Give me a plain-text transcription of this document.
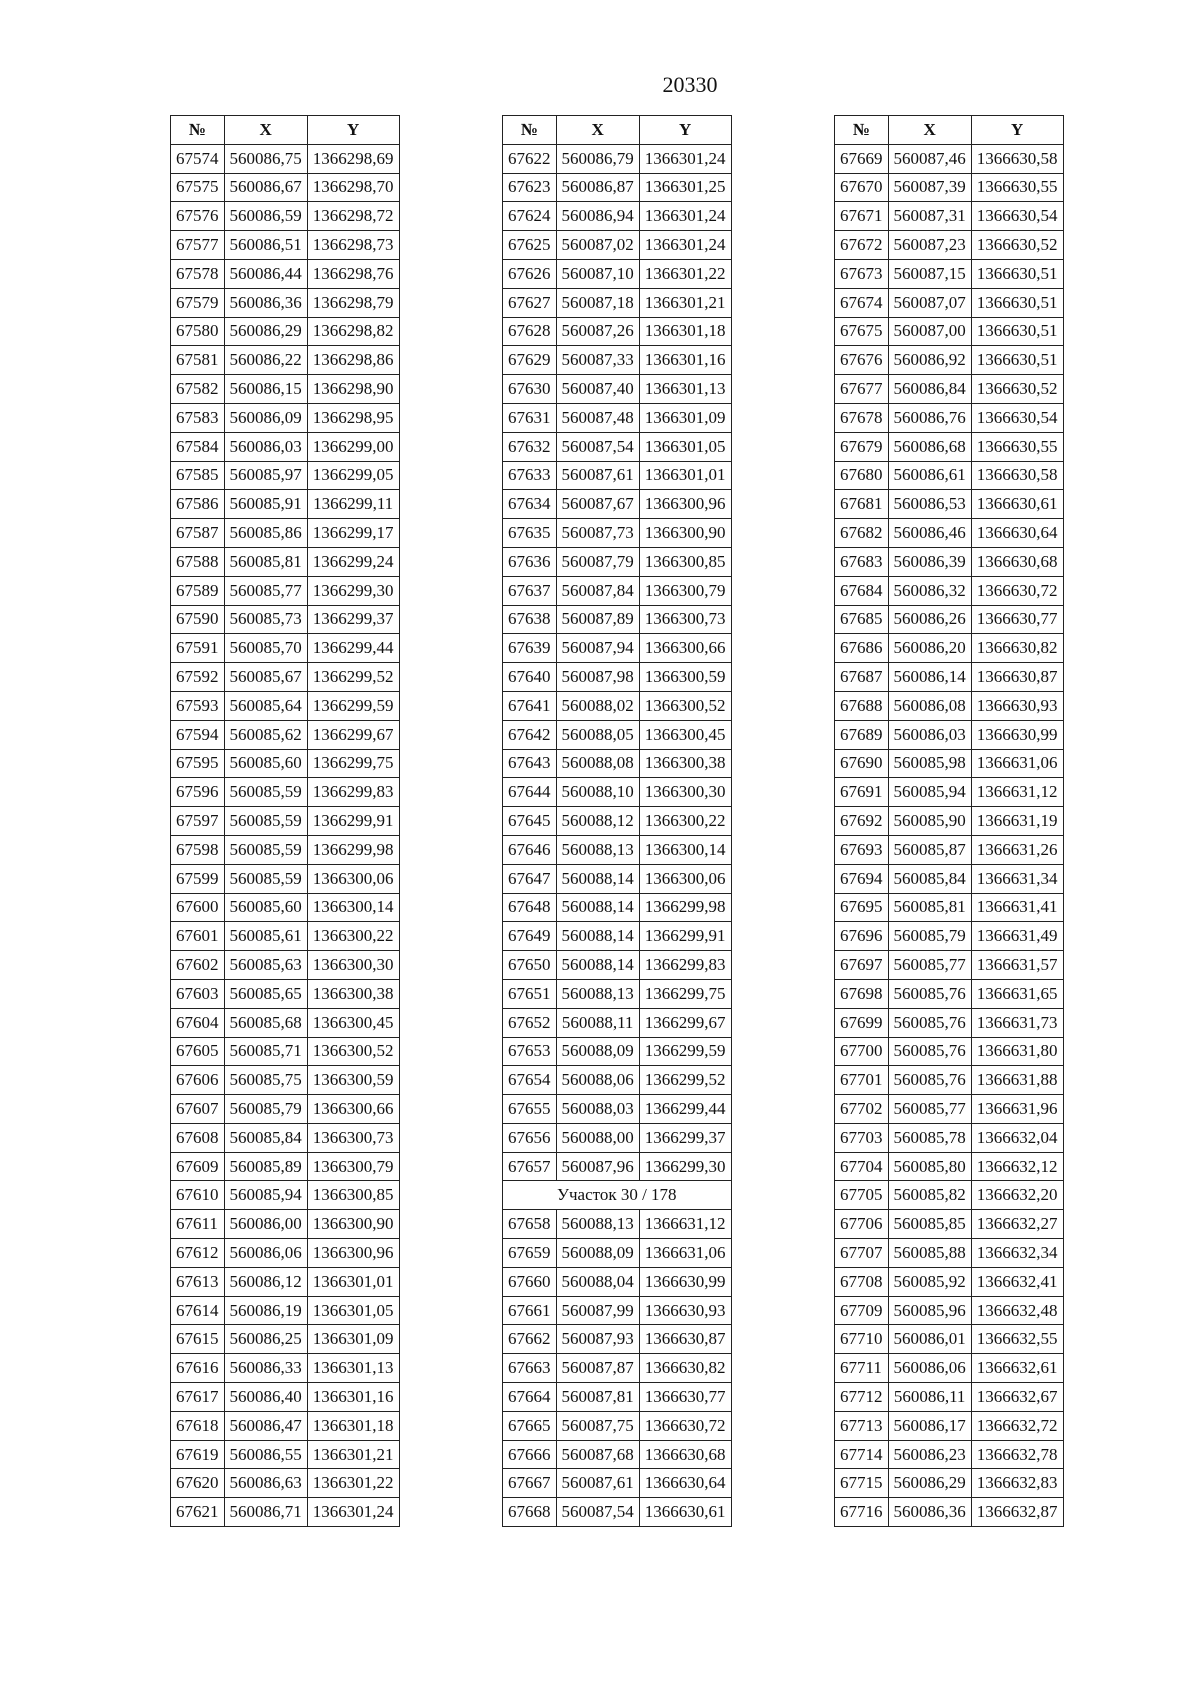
20330
№	X	Y
67574	560086,75	1366298,69
67575	560086,67	1366298,70
67576	560086,59	1366298,72
67577	560086,51	1366298,73
67578	560086,44	1366298,76
67579	560086,36	1366298,79
67580	560086,29	1366298,82
67581	560086,22	1366298,86
67582	560086,15	1366298,90
67583	560086,09	1366298,95
67584	560086,03	1366299,00
67585	560085,97	1366299,05
67586	560085,91	1366299,11
67587	560085,86	1366299,17
67588	560085,81	1366299,24
67589	560085,77	1366299,30
67590	560085,73	1366299,37
67591	560085,70	1366299,44
67592	560085,67	1366299,52
67593	560085,64	1366299,59
67594	560085,62	1366299,67
67595	560085,60	1366299,75
67596	560085,59	1366299,83
67597	560085,59	1366299,91
67598	560085,59	1366299,98
67599	560085,59	1366300,06
67600	560085,60	1366300,14
67601	560085,61	1366300,22
67602	560085,63	1366300,30
67603	560085,65	1366300,38
67604	560085,68	1366300,45
67605	560085,71	1366300,52
67606	560085,75	1366300,59
67607	560085,79	1366300,66
67608	560085,84	1366300,73
67609	560085,89	1366300,79
67610	560085,94	1366300,85
67611	560086,00	1366300,90
67612	560086,06	1366300,96
67613	560086,12	1366301,01
67614	560086,19	1366301,05
67615	560086,25	1366301,09
67616	560086,33	1366301,13
67617	560086,40	1366301,16
67618	560086,47	1366301,18
67619	560086,55	1366301,21
67620	560086,63	1366301,22
67621	560086,71	1366301,24
№	X	Y
67622	560086,79	1366301,24
67623	560086,87	1366301,25
67624	560086,94	1366301,24
67625	560087,02	1366301,24
67626	560087,10	1366301,22
67627	560087,18	1366301,21
67628	560087,26	1366301,18
67629	560087,33	1366301,16
67630	560087,40	1366301,13
67631	560087,48	1366301,09
67632	560087,54	1366301,05
67633	560087,61	1366301,01
67634	560087,67	1366300,96
67635	560087,73	1366300,90
67636	560087,79	1366300,85
67637	560087,84	1366300,79
67638	560087,89	1366300,73
67639	560087,94	1366300,66
67640	560087,98	1366300,59
67641	560088,02	1366300,52
67642	560088,05	1366300,45
67643	560088,08	1366300,38
67644	560088,10	1366300,30
67645	560088,12	1366300,22
67646	560088,13	1366300,14
67647	560088,14	1366300,06
67648	560088,14	1366299,98
67649	560088,14	1366299,91
67650	560088,14	1366299,83
67651	560088,13	1366299,75
67652	560088,11	1366299,67
67653	560088,09	1366299,59
67654	560088,06	1366299,52
67655	560088,03	1366299,44
67656	560088,00	1366299,37
67657	560087,96	1366299,30
Участок 30 / 178		
67658	560088,13	1366631,12
67659	560088,09	1366631,06
67660	560088,04	1366630,99
67661	560087,99	1366630,93
67662	560087,93	1366630,87
67663	560087,87	1366630,82
67664	560087,81	1366630,77
67665	560087,75	1366630,72
67666	560087,68	1366630,68
67667	560087,61	1366630,64
67668	560087,54	1366630,61
№	X	Y
67669	560087,46	1366630,58
67670	560087,39	1366630,55
67671	560087,31	1366630,54
67672	560087,23	1366630,52
67673	560087,15	1366630,51
67674	560087,07	1366630,51
67675	560087,00	1366630,51
67676	560086,92	1366630,51
67677	560086,84	1366630,52
67678	560086,76	1366630,54
67679	560086,68	1366630,55
67680	560086,61	1366630,58
67681	560086,53	1366630,61
67682	560086,46	1366630,64
67683	560086,39	1366630,68
67684	560086,32	1366630,72
67685	560086,26	1366630,77
67686	560086,20	1366630,82
67687	560086,14	1366630,87
67688	560086,08	1366630,93
67689	560086,03	1366630,99
67690	560085,98	1366631,06
67691	560085,94	1366631,12
67692	560085,90	1366631,19
67693	560085,87	1366631,26
67694	560085,84	1366631,34
67695	560085,81	1366631,41
67696	560085,79	1366631,49
67697	560085,77	1366631,57
67698	560085,76	1366631,65
67699	560085,76	1366631,73
67700	560085,76	1366631,80
67701	560085,76	1366631,88
67702	560085,77	1366631,96
67703	560085,78	1366632,04
67704	560085,80	1366632,12
67705	560085,82	1366632,20
67706	560085,85	1366632,27
67707	560085,88	1366632,34
67708	560085,92	1366632,41
67709	560085,96	1366632,48
67710	560086,01	1366632,55
67711	560086,06	1366632,61
67712	560086,11	1366632,67
67713	560086,17	1366632,72
67714	560086,23	1366632,78
67715	560086,29	1366632,83
67716	560086,36	1366632,87
